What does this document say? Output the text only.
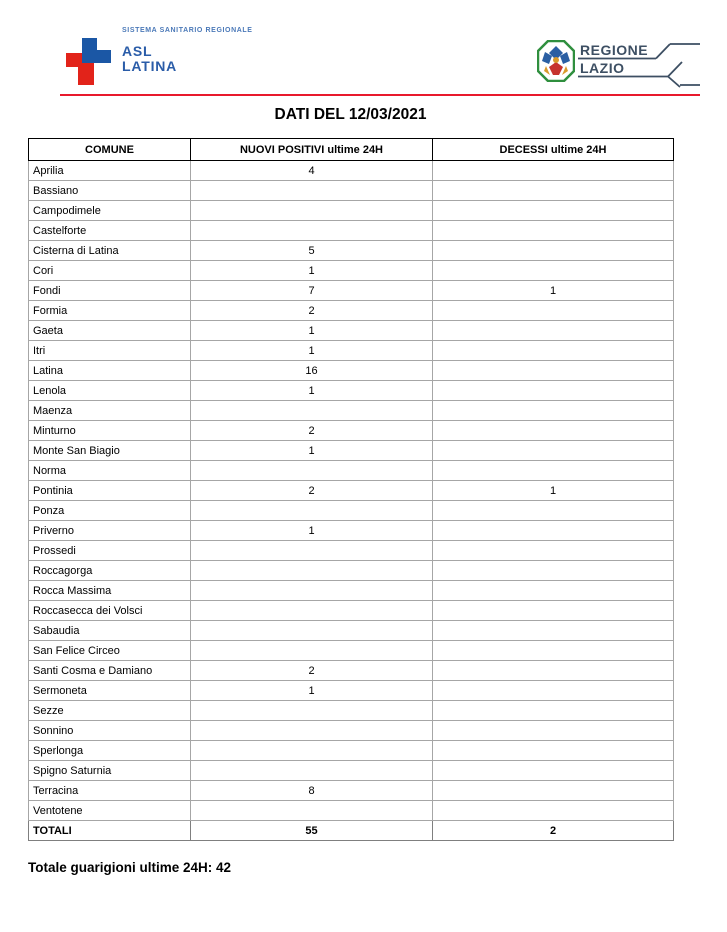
SISTEMA SANITARIO REGIONALE
ASL
LATINA
REGIONE
LAZIO
DATI DEL 12/03/2021
COMUNE	NUOVI POSITIVI ultime 24H	DECESSI ultime 24H
Aprilia	4	
Bassiano		
Campodimele		
Castelforte		
Cisterna di Latina	5	
Cori	1	
Fondi	7	1
Formia	2	
Gaeta	1	
Itri	1	
Latina	16	
Lenola	1	
Maenza		
Minturno	2	
Monte San Biagio	1	
Norma		
Pontinia	2	1
Ponza		
Priverno	1	
Prossedi		
Roccagorga		
Rocca Massima		
Roccasecca dei Volsci		
Sabaudia		
San Felice Circeo		
Santi Cosma e Damiano	2	
Sermoneta	1	
Sezze		
Sonnino		
Sperlonga		
Spigno Saturnia		
Terracina	8	
Ventotene		
TOTALI	55	2
Totale guarigioni ultime 24H: 42
